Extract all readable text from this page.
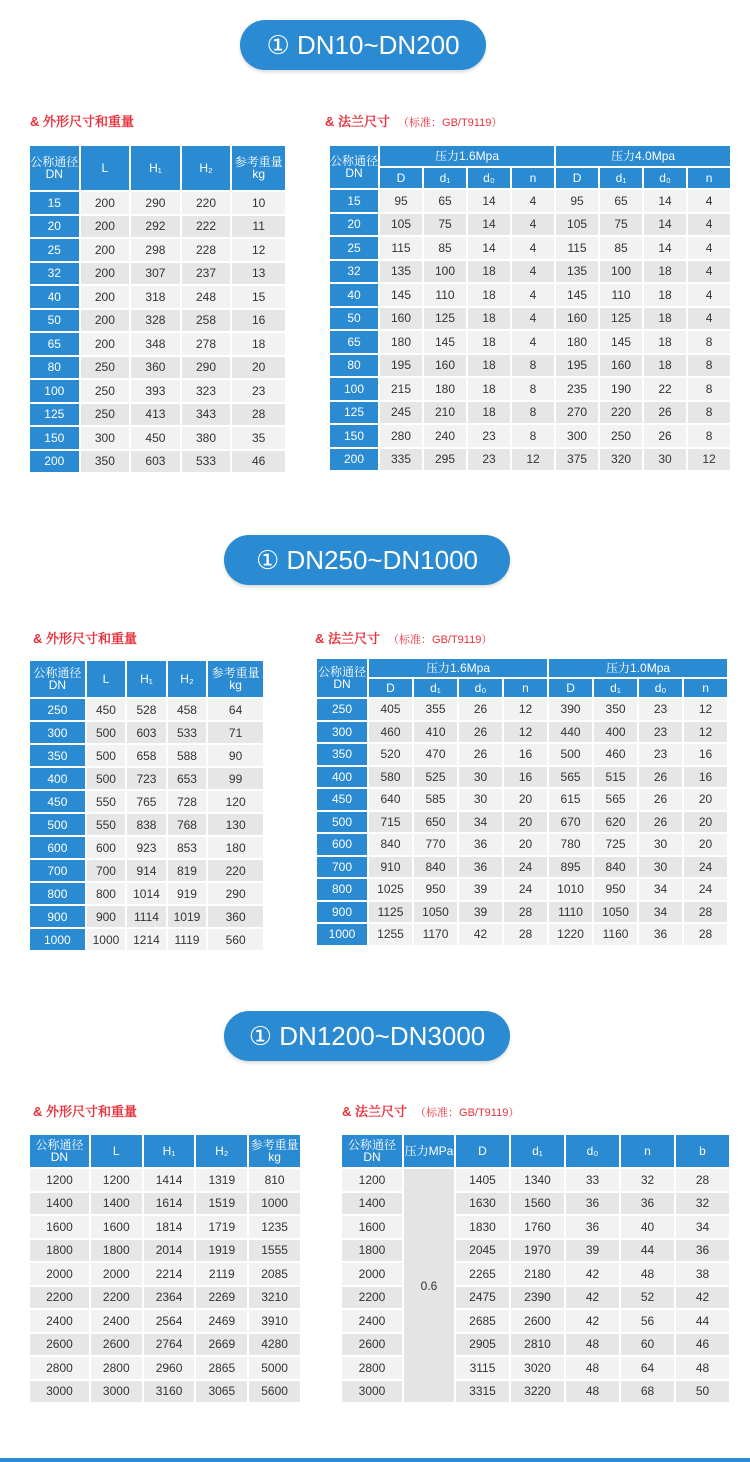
① DN10~DN200
& 外形尺寸和重量	& 法兰尺寸 （标准：GB/T9119）
公称通径DN	L	H₁	H₂	参考重量kg
15	200	290	220	10
20	200	292	222	11
25	200	298	228	12
32	200	307	237	13
40	200	318	248	15
50	200	328	258	16
65	200	348	278	18
80	250	360	290	20
100	250	393	323	23
125	250	413	343	28
150	300	450	380	35
200	350	603	533	46
公称通径DN	压力1.6Mpa				压力4.0Mpa			
	D	d₁	d₀	n	D	d₁	d₀	n
15	95	65	14	4	95	65	14	4
20	105	75	14	4	105	75	14	4
25	115	85	14	4	115	85	14	4
32	135	100	18	4	135	100	18	4
40	145	110	18	4	145	110	18	4
50	160	125	18	4	160	125	18	4
65	180	145	18	4	180	145	18	8
80	195	160	18	8	195	160	18	8
100	215	180	18	8	235	190	22	8
125	245	210	18	8	270	220	26	8
150	280	240	23	8	300	250	26	8
200	335	295	23	12	375	320	30	12
① DN250~DN1000
& 外形尺寸和重量	& 法兰尺寸 （标准：GB/T9119）
公称通径DN	L	H₁	H₂	参考重量kg
250	450	528	458	64
300	500	603	533	71
350	500	658	588	90
400	500	723	653	99
450	550	765	728	120
500	550	838	768	130
600	600	923	853	180
700	700	914	819	220
800	800	1014	919	290
900	900	1114	1019	360
1000	1000	1214	1119	560
公称通径DN	压力1.6Mpa				压力1.0Mpa			
	D	d₁	d₀	n	D	d₁	d₀	n
250	405	355	26	12	390	350	23	12
300	460	410	26	12	440	400	23	12
350	520	470	26	16	500	460	23	16
400	580	525	30	16	565	515	26	16
450	640	585	30	20	615	565	26	20
500	715	650	34	20	670	620	26	20
600	840	770	36	20	780	725	30	20
700	910	840	36	24	895	840	30	24
800	1025	950	39	24	1010	950	34	24
900	1125	1050	39	28	1110	1050	34	28
1000	1255	1170	42	28	1220	1160	36	28
① DN1200~DN3000
& 外形尺寸和重量	& 法兰尺寸 （标准：GB/T9119）
公称通径DN	L	H₁	H₂	参考重量kg
1200	1200	1414	1319	810
1400	1400	1614	1519	1000
1600	1600	1814	1719	1235
1800	1800	2014	1919	1555
2000	2000	2214	2119	2085
2200	2200	2364	2269	3210
2400	2400	2564	2469	3910
2600	2600	2764	2669	4280
2800	2800	2960	2865	5000
3000	3000	3160	3065	5600
公称通径DN	压力MPa	D	d₁	d₀	n	b
1200	0.6	1405	1340	33	32	28
1400		1630	1560	36	36	32
1600		1830	1760	36	40	34
1800		2045	1970	39	44	36
2000		2265	2180	42	48	38
2200		2475	2390	42	52	42
2400		2685	2600	42	56	44
2600		2905	2810	48	60	46
2800		3115	3020	48	64	48
3000		3315	3220	48	68	50
